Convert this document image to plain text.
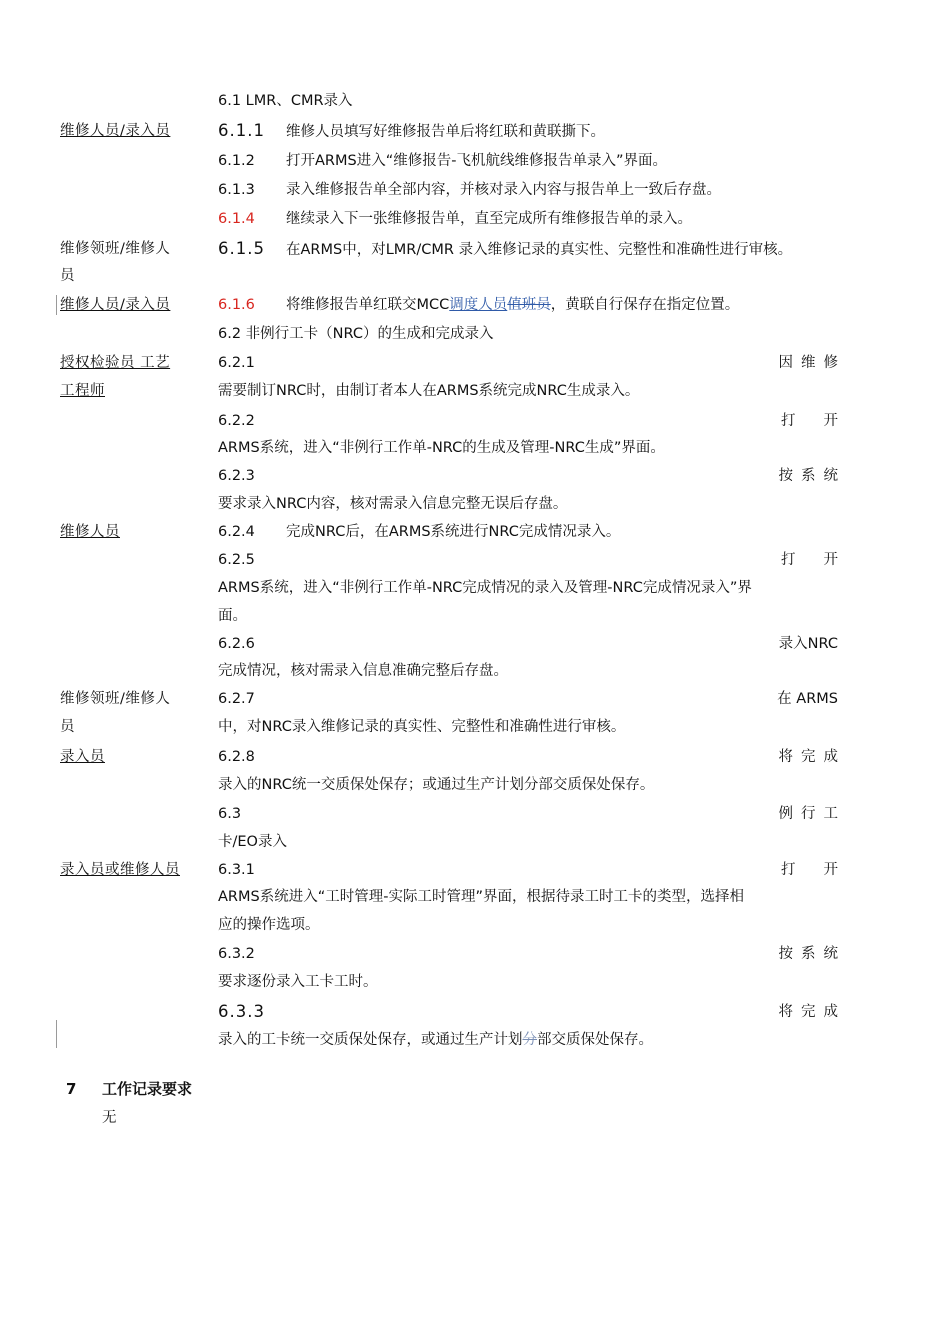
6.1 LMR、CMR录入
维修人员/录入员	6.1.1 维修人员填写好维修报告单后将红联和黄联撕下。
6.1.2 打开ARMS进入“维修报告-飞机航线维修报告单录入”界面。
6.1.3 录入维修报告单全部内容，并核对录入内容与报告单上一致后存盘。
6.1.4 继续录入下一张维修报告单，直至完成所有维修报告单的录入。
维修领班/维修人	6.1.5 在ARMS中，对LMR/CMR 录入维修记录的真实性、完整性和准确性进行审核。
员
维修人员/录入员	6.1.6 将维修报告单红联交MCC调度人员值班员，黄联自行保存在指定位置。
6.2 非例行工卡（NRC）的生成和完成录入
授权检验员 工艺	6.2.1	因维修
工程师	需要制订NRC时，由制订者本人在ARMS系统完成NRC生成录入。
6.2.2	打开
ARMS系统，进入“非例行工作单-NRC的生成及管理-NRC生成”界面。
6.2.3	按系统
要求录入NRC内容，核对需录入信息完整无误后存盘。
维修人员	6.2.4 完成NRC后，在ARMS系统进行NRC完成情况录入。
6.2.5	打开
ARMS系统，进入“非例行工作单-NRC完成情况的录入及管理-NRC完成情况录入”界
面。
6.2.6	录入NRC
完成情况，核对需录入信息准确完整后存盘。
维修领班/维修人	6.2.7	在 ARMS
员	中，对NRC录入维修记录的真实性、完整性和准确性进行审核。
录入员	6.2.8	将完成
录入的NRC统一交质保处保存；或通过生产计划分部交质保处保存。
6.3	例行工
卡/EO录入
录入员或维修人员	6.3.1	打开
ARMS系统进入“工时管理-实际工时管理”界面，根据待录工时工卡的类型，选择相
应的操作选项。
6.3.2	按系统
要求逐份录入工卡工时。
6.3.3	将完成
录入的工卡统一交质保处保存，或通过生产计划分部交质保处保存。
7 工作记录要求
无
